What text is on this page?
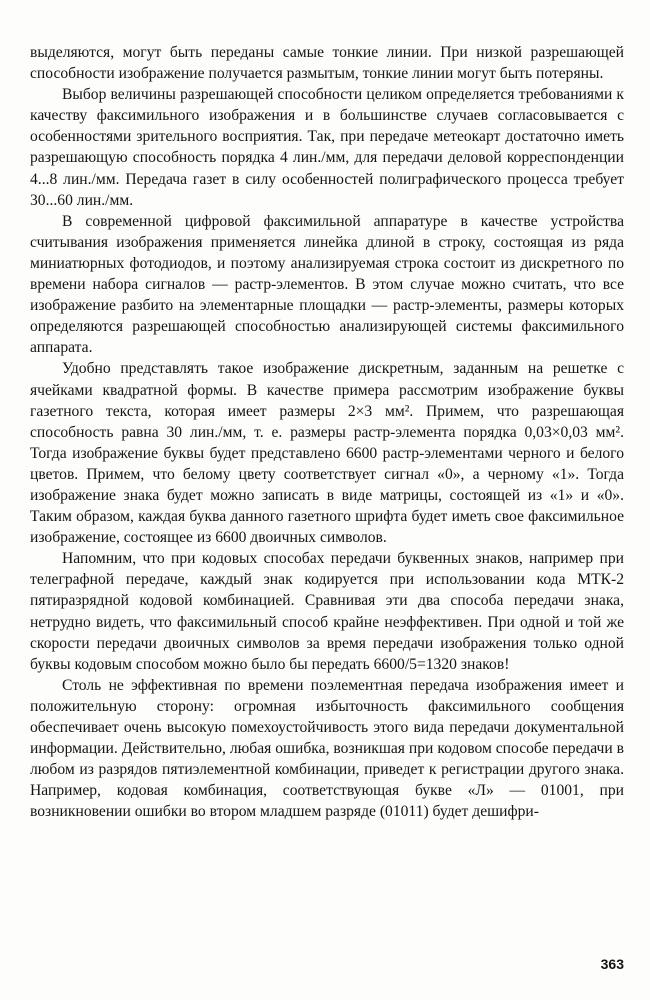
выделяются, могут быть переданы самые тонкие линии. При низкой разрешающей способности изображение получается размытым, тонкие линии могут быть потеряны.

Выбор величины разрешающей способности целиком определяется требованиями к качеству факсимильного изображения и в большинстве случаев согласовывается с особенностями зрительного восприятия. Так, при передаче метеокарт достаточно иметь разрешающую способность порядка 4 лин./мм, для передачи деловой корреспонденции 4...8 лин./мм. Передача газет в силу особенностей полиграфического процесса требует 30...60 лин./мм.

В современной цифровой факсимильной аппаратуре в качестве устройства считывания изображения применяется линейка длиной в строку, состоящая из ряда миниатюрных фотодиодов, и поэтому анализируемая строка состоит из дискретного по времени набора сигналов — растр-элементов. В этом случае можно считать, что все изображение разбито на элементарные площадки — растр-элементы, размеры которых определяются разрешающей способностью анализирующей системы факсимильного аппарата.

Удобно представлять такое изображение дискретным, заданным на решетке с ячейками квадратной формы. В качестве примера рассмотрим изображение буквы газетного текста, которая имеет размеры 2×3 мм². Примем, что разрешающая способность равна 30 лин./мм, т. е. размеры растр-элемента порядка 0,03×0,03 мм². Тогда изображение буквы будет представлено 6600 растр-элементами черного и белого цветов. Примем, что белому цвету соответствует сигнал «0», а черному «1». Тогда изображение знака будет можно записать в виде матрицы, состоящей из «1» и «0». Таким образом, каждая буква данного газетного шрифта будет иметь свое факсимильное изображение, состоящее из 6600 двоичных символов.

Напомним, что при кодовых способах передачи буквенных знаков, например при телеграфной передаче, каждый знак кодируется при использовании кода МТК-2 пятиразрядной кодовой комбинацией. Сравнивая эти два способа передачи знака, нетрудно видеть, что факсимильный способ крайне неэффективен. При одной и той же скорости передачи двоичных символов за время передачи изображения только одной буквы кодовым способом можно было бы передать 6600/5=1320 знаков!

Столь не эффективная по времени поэлементная передача изображения имеет и положительную сторону: огромная избыточность факсимильного сообщения обеспечивает очень высокую помехоустойчивость этого вида передачи документальной информации. Действительно, любая ошибка, возникшая при кодовом способе передачи в любом из разрядов пятиэлементной комбинации, приведет к регистрации другого знака. Например, кодовая комбинация, соответствующая букве «Л» — 01001, при возникновении ошибки во втором младшем разряде (01011) будет дешифри-

363
